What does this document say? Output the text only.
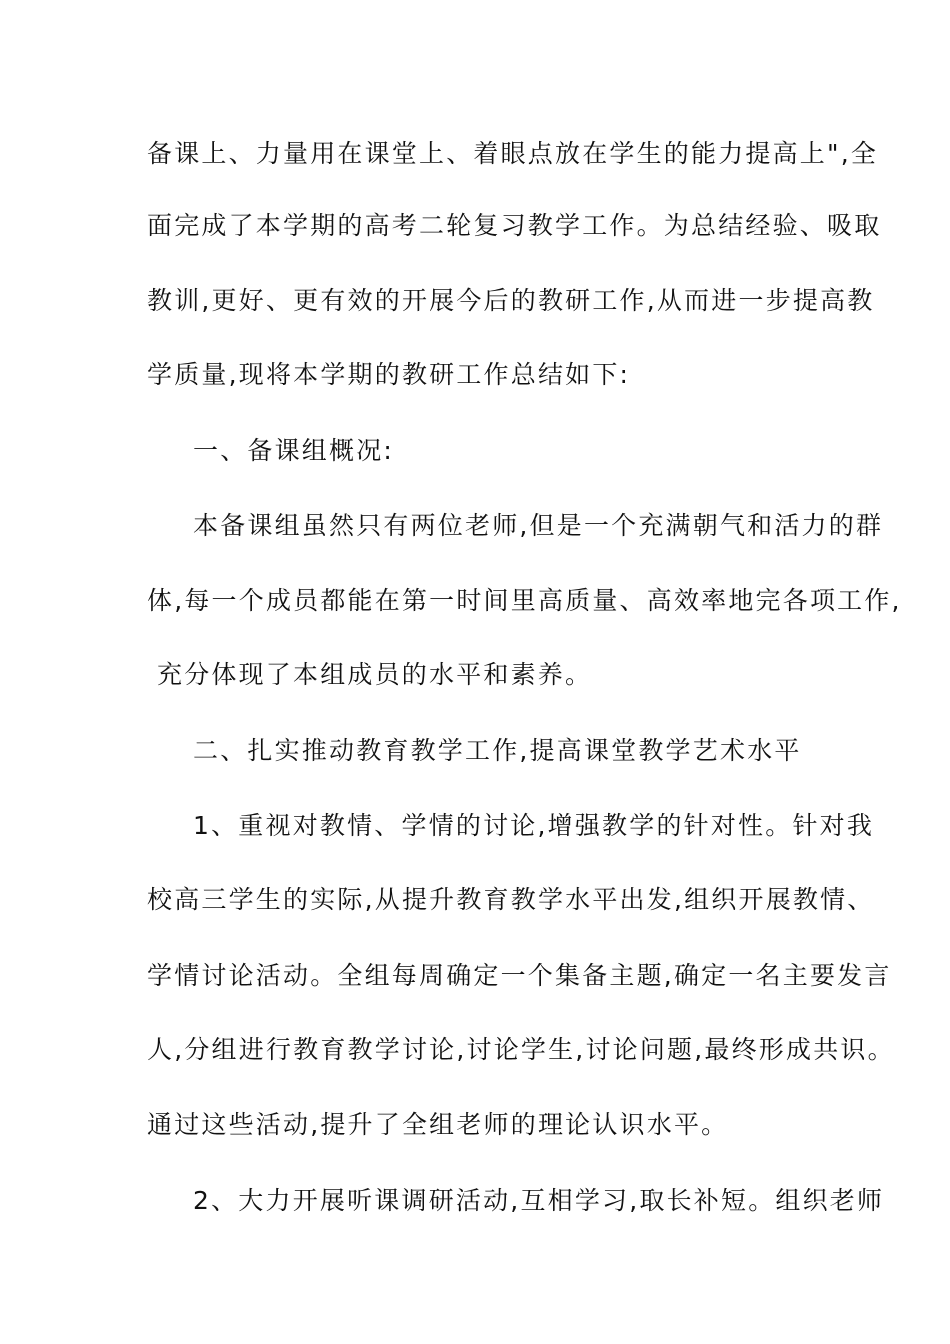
备课上、力量用在课堂上、着眼点放在学生的能力提高上",全
面完成了本学期的高考二轮复习教学工作。为总结经验、吸取
教训,更好、更有效的开展今后的教研工作,从而进一步提高教
学质量,现将本学期的教研工作总结如下:
一、备课组概况:
本备课组虽然只有两位老师,但是一个充满朝气和活力的群
体,每一个成员都能在第一时间里高质量、高效率地完各项工作,
充分体现了本组成员的水平和素养。
二、扎实推动教育教学工作,提高课堂教学艺术水平
1、重视对教情、学情的讨论,增强教学的针对性。针对我
校高三学生的实际,从提升教育教学水平出发,组织开展教情、
学情讨论活动。全组每周确定一个集备主题,确定一名主要发言
人,分组进行教育教学讨论,讨论学生,讨论问题,最终形成共识。
通过这些活动,提升了全组老师的理论认识水平。
2、大力开展听课调研活动,互相学习,取长补短。组织老师
